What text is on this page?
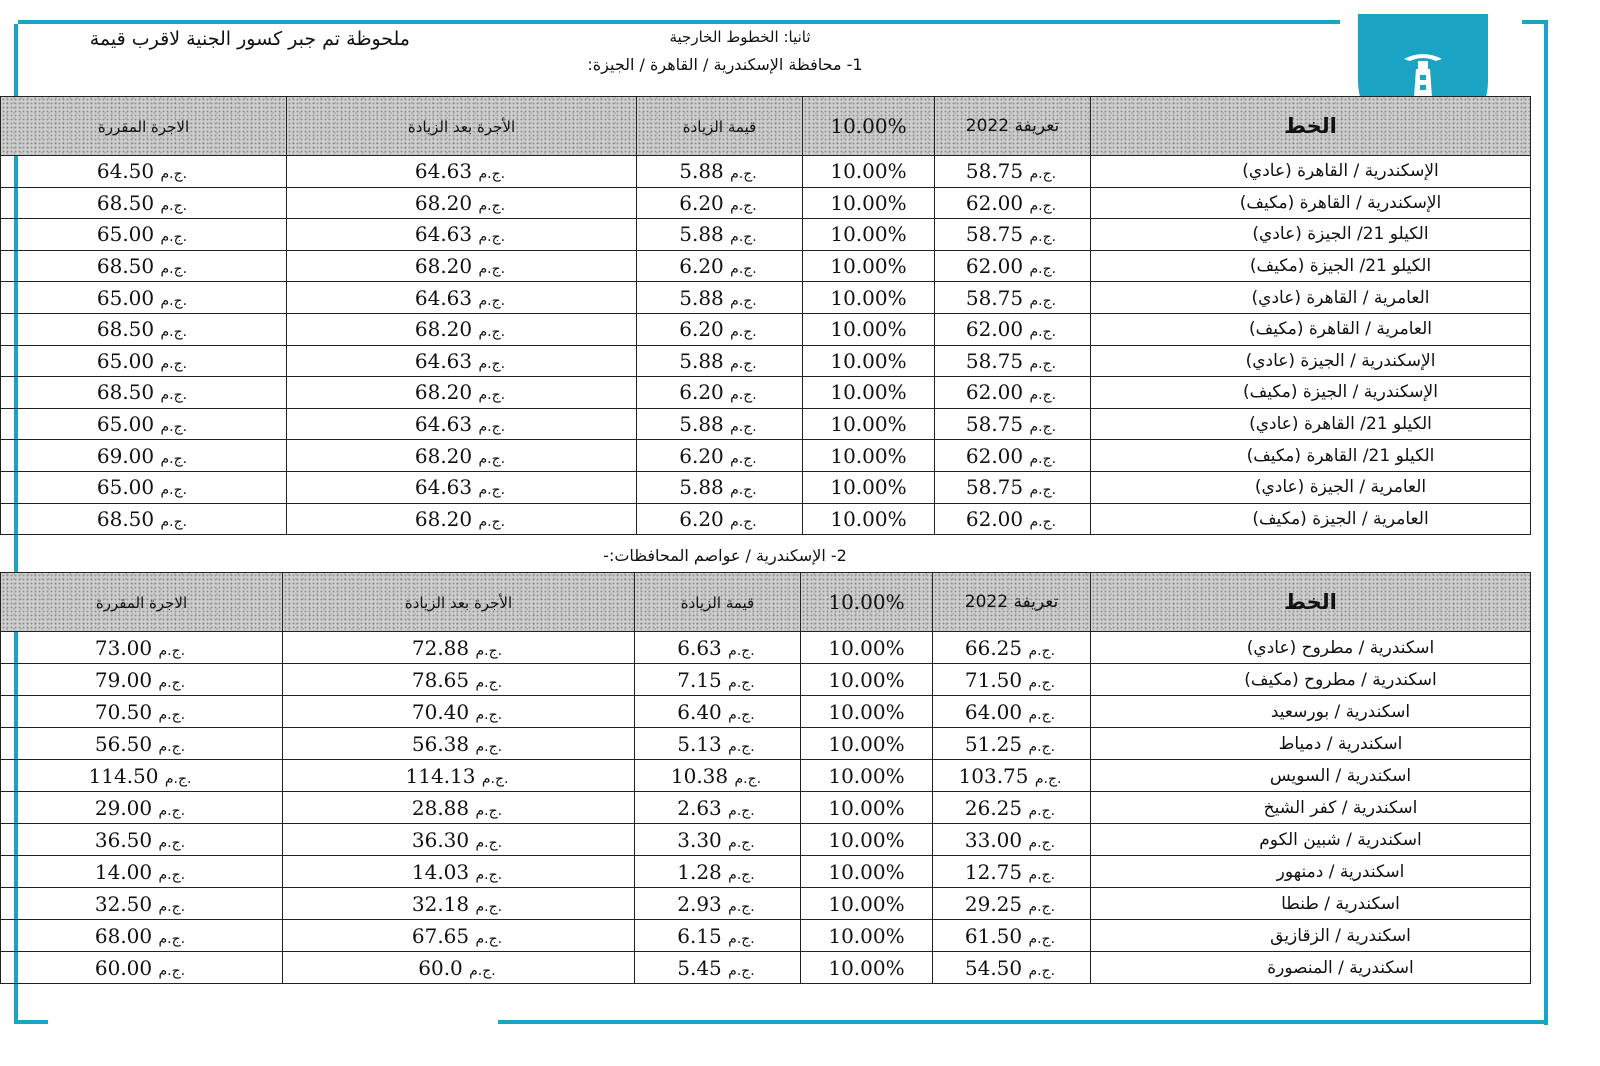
ملحوظة تم جبر كسور الجنية لاقرب قيمة	ثانيا: الخطوط الخارجية
1- محافظة الإسكندرية / القاهرة / الجيزة:
2- الإسكندرية / عواصم المحافظات:-
الخط	تعريفة 2022	10.00%	قيمة الزيادة	الأجرة بعد الزيادة	الاجرة المقررة
الإسكندرية / القاهرة (عادي)	58.75 ج.م.	10.00%	5.88 ج.م.	64.63 ج.م.	64.50 ج.م.
الإسكندرية / القاهرة (مكيف)	62.00 ج.م.	10.00%	6.20 ج.م.	68.20 ج.م.	68.50 ج.م.
الكيلو 21/ الجيزة (عادي)	58.75 ج.م.	10.00%	5.88 ج.م.	64.63 ج.م.	65.00 ج.م.
الكيلو 21/ الجيزة (مكيف)	62.00 ج.م.	10.00%	6.20 ج.م.	68.20 ج.م.	68.50 ج.م.
العامرية / القاهرة (عادي)	58.75 ج.م.	10.00%	5.88 ج.م.	64.63 ج.م.	65.00 ج.م.
العامرية / القاهرة (مكيف)	62.00 ج.م.	10.00%	6.20 ج.م.	68.20 ج.م.	68.50 ج.م.
الإسكندرية / الجيزة (عادي)	58.75 ج.م.	10.00%	5.88 ج.م.	64.63 ج.م.	65.00 ج.م.
الإسكندرية / الجيزة (مكيف)	62.00 ج.م.	10.00%	6.20 ج.م.	68.20 ج.م.	68.50 ج.م.
الكيلو 21/ القاهرة (عادي)	58.75 ج.م.	10.00%	5.88 ج.م.	64.63 ج.م.	65.00 ج.م.
الكيلو 21/ القاهرة (مكيف)	62.00 ج.م.	10.00%	6.20 ج.م.	68.20 ج.م.	69.00 ج.م.
العامرية / الجيزة (عادي)	58.75 ج.م.	10.00%	5.88 ج.م.	64.63 ج.م.	65.00 ج.م.
العامرية / الجيزة (مكيف)	62.00 ج.م.	10.00%	6.20 ج.م.	68.20 ج.م.	68.50 ج.م.
الخط	تعريفة 2022	10.00%	قيمة الزيادة	الأجرة بعد الزيادة	الاجرة المقررة
اسكندرية / مطروح (عادي)	66.25 ج.م.	10.00%	6.63 ج.م.	72.88 ج.م.	73.00 ج.م.
اسكندرية / مطروح (مكيف)	71.50 ج.م.	10.00%	7.15 ج.م.	78.65 ج.م.	79.00 ج.م.
اسكندرية / بورسعيد	64.00 ج.م.	10.00%	6.40 ج.م.	70.40 ج.م.	70.50 ج.م.
اسكندرية / دمياط	51.25 ج.م.	10.00%	5.13 ج.م.	56.38 ج.م.	56.50 ج.م.
اسكندرية / السويس	103.75 ج.م.	10.00%	10.38 ج.م.	114.13 ج.م.	114.50 ج.م.
اسكندرية / كفر الشيخ	26.25 ج.م.	10.00%	2.63 ج.م.	28.88 ج.م.	29.00 ج.م.
اسكندرية / شبين الكوم	33.00 ج.م.	10.00%	3.30 ج.م.	36.30 ج.م.	36.50 ج.م.
اسكندرية / دمنهور	12.75 ج.م.	10.00%	1.28 ج.م.	14.03 ج.م.	14.00 ج.م.
اسكندرية / طنطا	29.25 ج.م.	10.00%	2.93 ج.م.	32.18 ج.م.	32.50 ج.م.
اسكندرية / الزقازيق	61.50 ج.م.	10.00%	6.15 ج.م.	67.65 ج.م.	68.00 ج.م.
اسكندرية / المنصورة	54.50 ج.م.	10.00%	5.45 ج.م.	60.0 ج.م.	60.00 ج.م.
